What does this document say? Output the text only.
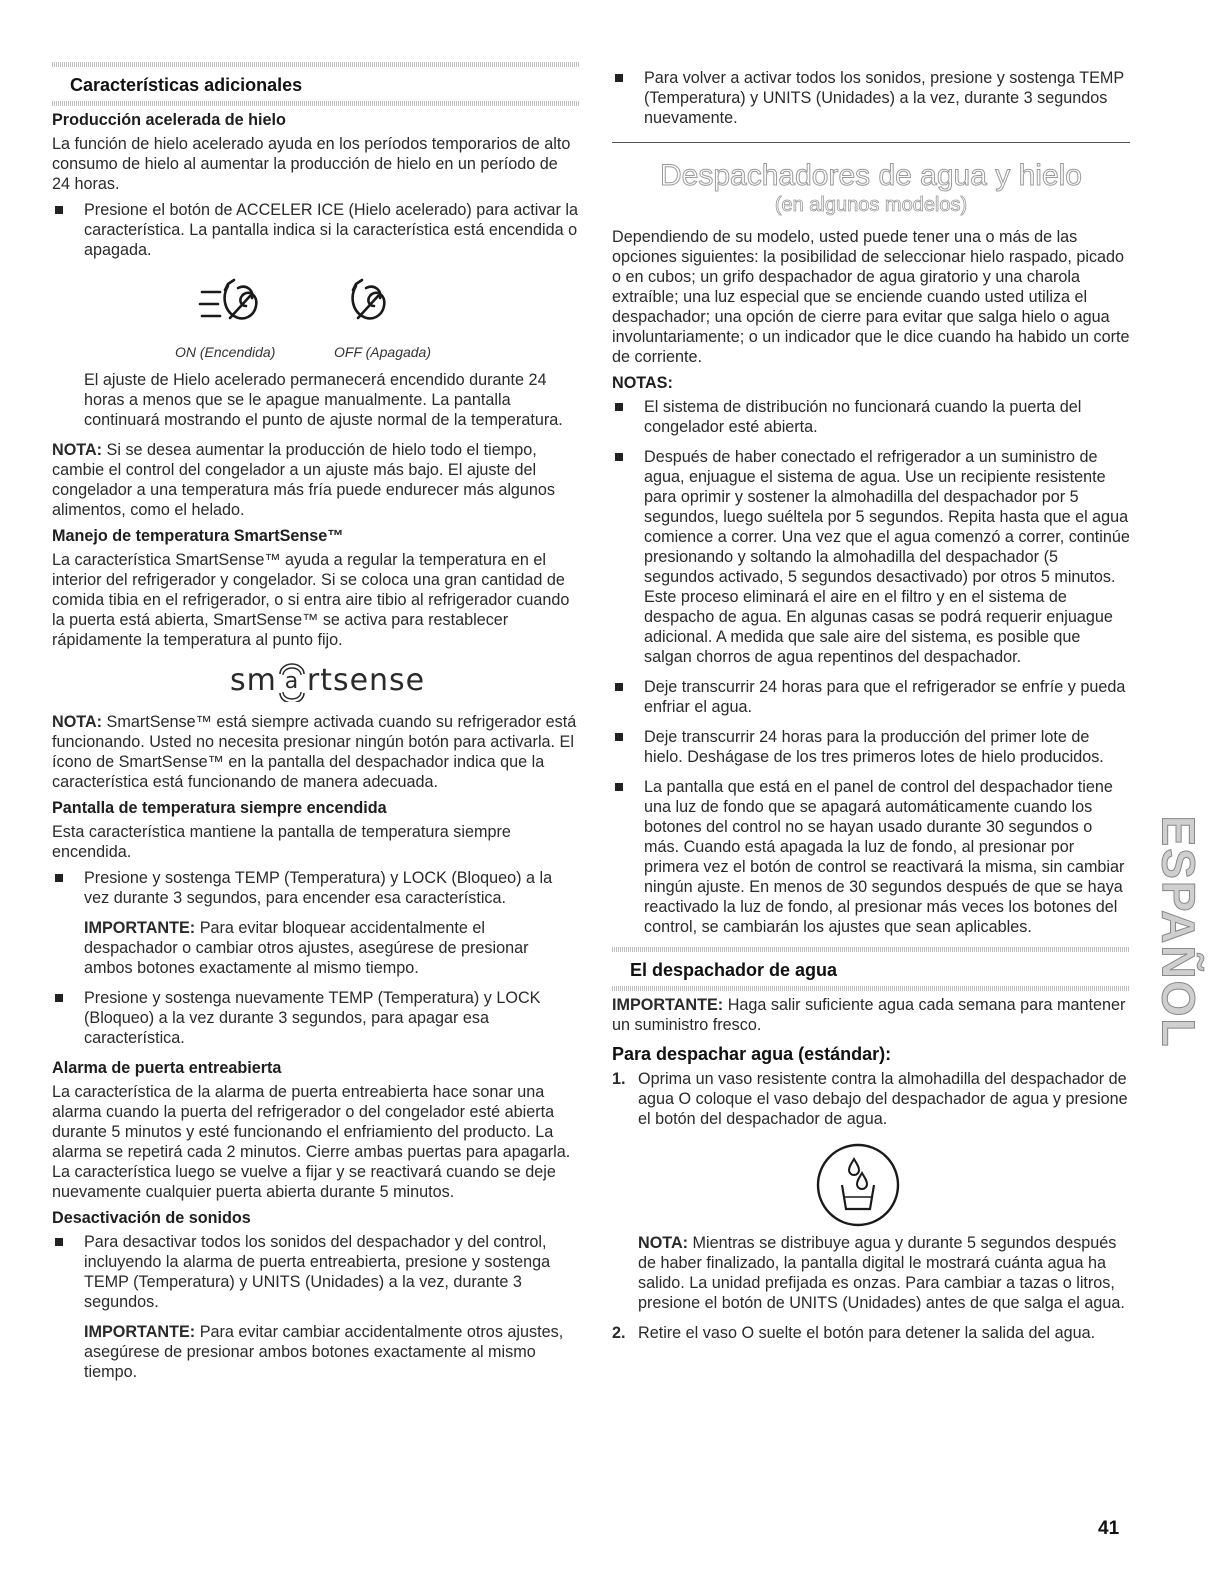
Características adicionales
Producción acelerada de hielo

La función de hielo acelerado ayuda en los períodos temporarios de alto consumo de hielo al aumentar la producción de hielo en un período de 24 horas.

Presione el botón de ACCELER ICE (Hielo acelerado) para activar la característica. La pantalla indica si la característica está encendida o apagada.
ON (Encendida)	OFF (Apagada)

El ajuste de Hielo acelerado permanecerá encendido durante 24 horas a menos que se le apague manualmente. La pantalla continuará mostrando el punto de ajuste normal de la temperatura.

NOTA: Si se desea aumentar la producción de hielo todo el tiempo, cambie el control del congelador a un ajuste más bajo. El ajuste del congelador a una temperatura más fría puede endurecer más algunos alimentos, como el helado.

Manejo de temperatura SmartSense™

La característica SmartSense™ ayuda a regular la temperatura en el interior del refrigerador y congelador. Si se coloca una gran cantidad de comida tibia en el refrigerador, o si entra aire tibio al refrigerador cuando la puerta está abierta, SmartSense™ se activa para restablecer rápidamente la temperatura al punto fijo.

sm a rtsense

NOTA: SmartSense™ está siempre activada cuando su refrigerador está funcionando. Usted no necesita presionar ningún botón para activarla. El ícono de SmartSense™ en la pantalla del despachador indica que la característica está funcionando de manera adecuada.

Pantalla de temperatura siempre encendida

Esta característica mantiene la pantalla de temperatura siempre encendida.

Presione y sostenga TEMP (Temperatura) y LOCK (Bloqueo) a la vez durante 3 segundos, para encender esa característica.

IMPORTANTE: Para evitar bloquear accidentalmente el despachador o cambiar otros ajustes, asegúrese de presionar ambos botones exactamente al mismo tiempo.

Presione y sostenga nuevamente TEMP (Temperatura) y LOCK (Bloqueo) a la vez durante 3 segundos, para apagar esa característica.
Alarma de puerta entreabierta

La característica de la alarma de puerta entreabierta hace sonar una alarma cuando la puerta del refrigerador o del congelador esté abierta durante 5 minutos y esté funcionando el enfriamiento del producto. La alarma se repetirá cada 2 minutos. Cierre ambas puertas para apagarla. La característica luego se vuelve a fijar y se reactivará cuando se deje nuevamente cualquier puerta abierta durante 5 minutos.

Desactivación de sonidos
Para desactivar todos los sonidos del despachador y del control, incluyendo la alarma de puerta entreabierta, presione y sostenga TEMP (Temperatura) y UNITS (Unidades) a la vez, durante 3 segundos.

IMPORTANTE: Para evitar cambiar accidentalmente otros ajustes, asegúrese de presionar ambos botones exactamente al mismo tiempo.

Para volver a activar todos los sonidos, presione y sostenga TEMP (Temperatura) y UNITS (Unidades) a la vez, durante 3 segundos nuevamente.
Despachadores de agua y hielo
(en algunos modelos)

Dependiendo de su modelo, usted puede tener una o más de las opciones siguientes: la posibilidad de seleccionar hielo raspado, picado o en cubos; un grifo despachador de agua giratorio y una charola extraíble; una luz especial que se enciende cuando usted utiliza el despachador; una opción de cierre para evitar que salga hielo o agua involuntariamente; o un indicador que le dice cuando ha habido un corte de corriente.

NOTAS:
El sistema de distribución no funcionará cuando la puerta del congelador esté abierta.
Después de haber conectado el refrigerador a un suministro de agua, enjuague el sistema de agua. Use un recipiente resistente para oprimir y sostener la almohadilla del despachador por 5 segundos, luego suéltela por 5 segundos. Repita hasta que el agua comience a correr. Una vez que el agua comenzó a correr, continúe presionando y soltando la almohadilla del despachador (5 segundos activado, 5 segundos desactivado) por otros 5 minutos. Este proceso eliminará el aire en el filtro y en el sistema de despacho de agua. En algunas casas se podrá requerir enjuague adicional. A medida que sale aire del sistema, es posible que salgan chorros de agua repentinos del despachador.
Deje transcurrir 24 horas para que el refrigerador se enfríe y pueda enfriar el agua.
Deje transcurrir 24 horas para la producción del primer lote de hielo. Deshágase de los tres primeros lotes de hielo producidos.
La pantalla que está en el panel de control del despachador tiene una luz de fondo que se apagará automáticamente cuando los botones del control no se hayan usado durante 30 segundos o más. Cuando está apagada la luz de fondo, al presionar por primera vez el botón de control se reactivará la misma, sin cambiar ningún ajuste. En menos de 30 segundos después de que se haya reactivado la luz de fondo, al presionar más veces los botones del control, se cambiarán los ajustes que sean aplicables.
El despachador de agua

IMPORTANTE: Haga salir suficiente agua cada semana para mantener un suministro fresco.

Para despachar agua (estándar):
1. Oprima un vaso resistente contra la almohadilla del despachador de agua O coloque el vaso debajo del despachador de agua y presione el botón del despachador de agua.

NOTA: Mientras se distribuye agua y durante 5 segundos después de haber finalizado, la pantalla digital le mostrará cuánta agua ha salido. La unidad prefijada es onzas. Para cambiar a tazas o litros, presione el botón de UNITS (Unidades) antes de que salga el agua.

2. Retire el vaso O suelte el botón para detener la salida del agua.
ESPAÑOL
41
